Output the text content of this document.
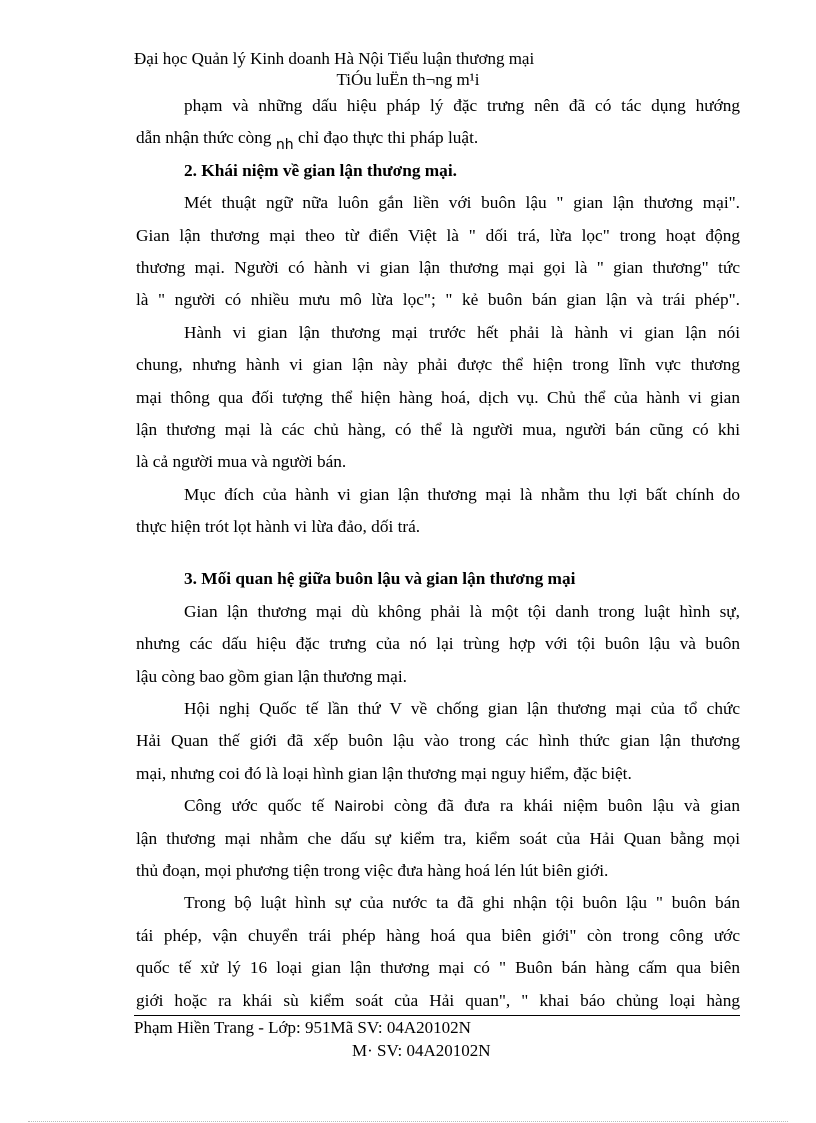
Đại học Quản lý Kinh doanh Hà Nội Tiểu luận thương mại
TiÓu luËn th¬ng m¹i
phạm và những dấu hiệu pháp lý đặc trưng nên đã có tác dụng hướng
dẫn nhận thức còng $_{nh}$ chỉ đạo thực thi pháp luật.
2. Khái niệm về gian lận thương mại.
Mét thuật ngữ nữa luôn gắn liền với buôn lậu " gian lận thương mại".
Gian lận thương mại theo từ điển Việt là " dối trá, lừa lọc" trong hoạt động
thương mại. Người có hành vi gian lận thương mại gọi là " gian thương" tức
là " người có nhiều mưu mô lừa lọc"; " kẻ buôn bán gian lận và trái phép".
Hành vi gian lận thương mại trước hết phải là hành vi gian lận nói
chung, nhưng hành vi gian lận này phải được thể hiện trong lĩnh vực thương
mại thông qua đối tượng thể hiện hàng hoá, dịch vụ. Chủ thể của hành vi gian
lận thương mại là các chủ hàng, có thể là người mua, người bán cũng có khi
là cả người mua và người bán.
Mục đích của hành vi gian lận thương mại là nhằm thu lợi bất chính do
thực hiện trót lọt hành vi lừa đảo, dối trá.
3. Mối quan hệ giữa buôn lậu và gian lận thương mại
Gian lận thương mại dù không phải là một tội danh trong luật hình sự,
nhưng các dấu hiệu đặc trưng của nó lại trùng hợp với tội buôn lậu và buôn
lậu còng bao gồm gian lận thương mại.
Hội nghị Quốc tế lần thứ V về chống gian lận thương mại của tổ chức
Hải Quan thế giới đã xếp buôn lậu vào trong các hình thức gian lận thương
mại, nhưng coi đó là loại hình gian lận thương mại nguy hiểm, đặc biệt.
Công ước quốc tế Nairobi còng đã đưa ra khái niệm buôn lậu và gian
lận thương mại nhằm che dấu sự kiểm tra, kiểm soát của Hải Quan bằng mọi
thủ đoạn, mọi phương tiện trong việc đưa hàng hoá lén lút biên giới.
Trong bộ luật hình sự của nước ta đã ghi nhận tội buôn lậu " buôn bán
tái phép, vận chuyển trái phép hàng hoá qua biên giới" còn trong công ước
quốc tế xử lý 16 loại gian lận thương mại có " Buôn bán hàng cấm qua biên
giới hoặc ra khái sù kiểm soát của Hải quan", " khai báo chủng loại hàng
Phạm Hiền Trang - Lớp: 951Mã SV: 04A20102N
M· SV: 04A20102N
